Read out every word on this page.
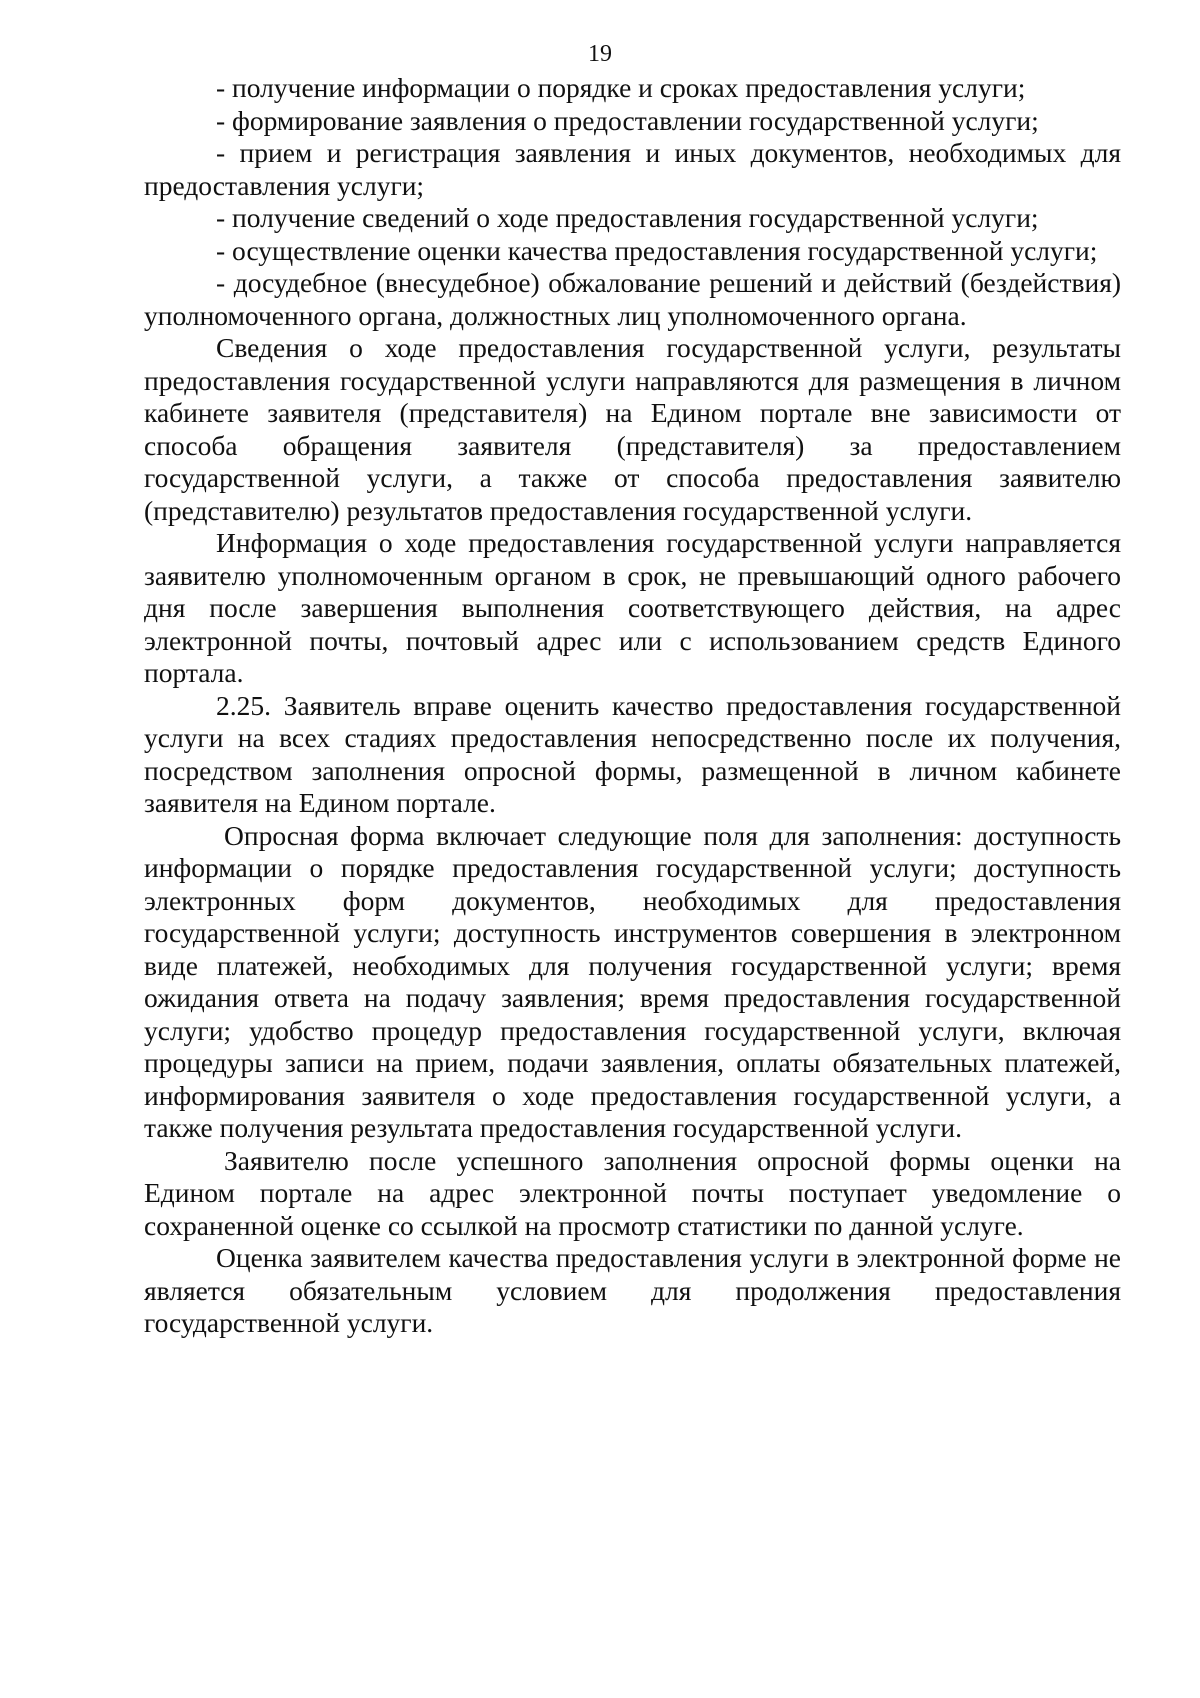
19

- получение информации о порядке и сроках предоставления услуги;

- формирование заявления о предоставлении государственной услуги;

- прием и регистрация заявления и иных документов, необходимых для предоставления услуги;

- получение сведений о ходе предоставления государственной услуги;

- осуществление оценки качества предоставления государственной услуги;

- досудебное (внесудебное) обжалование решений и действий (бездействия) уполномоченного органа, должностных лиц уполномоченного органа.

Сведения о ходе предоставления государственной услуги, результаты предоставления государственной услуги направляются для размещения в личном кабинете заявителя (представителя) на Едином портале вне зависимости от способа обращения заявителя (представителя) за предоставлением государственной услуги, а также от способа предоставления заявителю (представителю) результатов предоставления государственной услуги.

Информация о ходе предоставления государственной услуги направляется заявителю уполномоченным органом в срок, не превышающий одного рабочего дня после завершения выполнения соответствующего действия, на адрес электронной почты, почтовый адрес или с использованием средств Единого портала.

2.25. Заявитель вправе оценить качество предоставления государственной услуги на всех стадиях предоставления непосредственно после их получения, посредством заполнения опросной формы, размещенной в личном кабинете заявителя на Едином портале.

Опросная форма включает следующие поля для заполнения: доступность информации о порядке предоставления государственной услуги; доступность электронных форм документов, необходимых для предоставления государственной услуги; доступность инструментов совершения в электронном виде платежей, необходимых для получения государственной услуги; время ожидания ответа на подачу заявления; время предоставления государственной услуги; удобство процедур предоставления государственной услуги, включая процедуры записи на прием, подачи заявления, оплаты обязательных платежей, информирования заявителя о ходе предоставления государственной услуги, а также получения результата предоставления государственной услуги.

Заявителю после успешного заполнения опросной формы оценки на Едином портале на адрес электронной почты поступает уведомление о сохраненной оценке со ссылкой на просмотр статистики по данной услуге.

Оценка заявителем качества предоставления услуги в электронной форме не является обязательным условием для продолжения предоставления государственной услуги.
